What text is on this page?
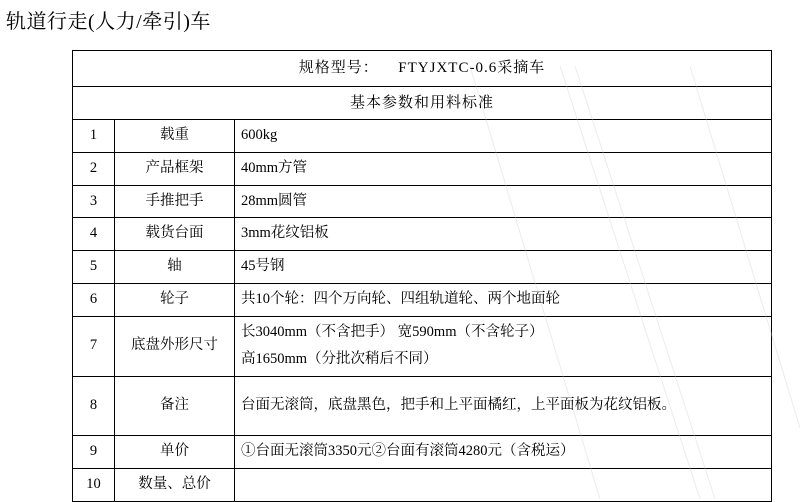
轨道行走(人力/牵引)车
规格型号： FTYJXTC-0.6采摘车		
基本参数和用料标准		
1	载重	600kg
2	产品框架	40mm方管
3	手推把手	28mm圆管
4	载货台面	3mm花纹铝板
5	轴	45号钢
6	轮子	共10个轮：四个万向轮、四组轨道轮、两个地面轮
7	底盘外形尺寸	长3040mm（不含把手） 宽590mm（不含轮子）
高1650mm（分批次稍后不同）

8	备注	台面无滚筒，底盘黑色，把手和上平面橘红，上平面板为花纹铝板。
9	单价	①台面无滚筒3350元②台面有滚筒4280元（含税运）
10	数量、总价	
